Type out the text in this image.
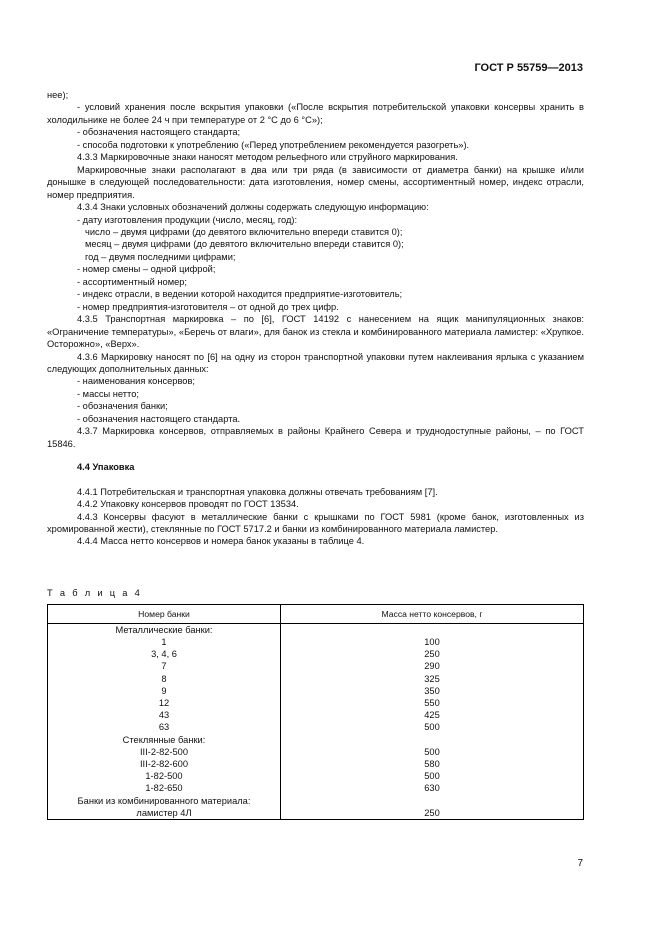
ГОСТ Р 55759—2013

нее);

- условий хранения после вскрытия упаковки («После вскрытия потребительской упаковки консервы хранить в холодильнике не более 24 ч при температуре от 2 °С до 6 °С»);

- обозначения настоящего стандарта;

- способа подготовки к употреблению («Перед употреблением рекомендуется разогреть»).

4.3.3 Маркировочные знаки наносят методом рельефного или струйного маркирования.

Маркировочные знаки располагают в два или три ряда (в зависимости от диаметра банки) на крышке и/или донышке в следующей последовательности: дата изготовления, номер смены, ассортиментный номер, индекс отрасли, номер предприятия.

4.3.4 Знаки условных обозначений должны содержать следующую информацию:

- дату изготовления продукции (число, месяц, год):

число – двумя цифрами (до девятого включительно впереди ставится 0);

месяц – двумя цифрами (до девятого включительно впереди ставится 0);

год – двумя последними цифрами;

- номер смены – одной цифрой;

- ассортиментный номер;

- индекс отрасли, в ведении которой находится предприятие-изготовитель;

- номер предприятия-изготовителя – от одной до трех цифр.

4.3.5 Транспортная маркировка – по [6], ГОСТ 14192 с нанесением на ящик манипуляционных знаков: «Ограничение температуры», «Беречь от влаги», для банок из стекла и комбинированного материала ламистер: «Хрупкое. Осторожно», «Верх».

4.3.6 Маркировку наносят по [6] на одну из сторон транспортной упаковки путем наклеивания ярлыка с указанием следующих дополнительных данных:

- наименования консервов;

- массы нетто;

- обозначения банки;

- обозначения настоящего стандарта.

4.3.7 Маркировка консервов, отправляемых в районы Крайнего Севера и труднодоступные районы, – по ГОСТ 15846.

4.4 Упаковка

4.4.1 Потребительская и транспортная упаковка должны отвечать требованиям [7].

4.4.2 Упаковку консервов проводят по ГОСТ 13534.

4.4.3 Консервы фасуют в металлические банки с крышками по ГОСТ 5981 (кроме банок, изготовленных из хромированной жести), стеклянные по ГОСТ 5717.2 и банки из комбинированного материала ламистер.

4.4.4 Масса нетто консервов и номера банок указаны в таблице 4.

Т а б л и ц а 4
Номер банки	Масса нетто консервов, г
Металлические банки:	
1	100
3, 4, 6	250
7	290
8	325
9	350
12	550
43	425
63	500
Стеклянные банки:	
III-2-82-500	500
III-2-82-600	580
1-82-500	500
1-82-650	630
Банки из комбинированного материала:	
ламистер 4Л	250
7
